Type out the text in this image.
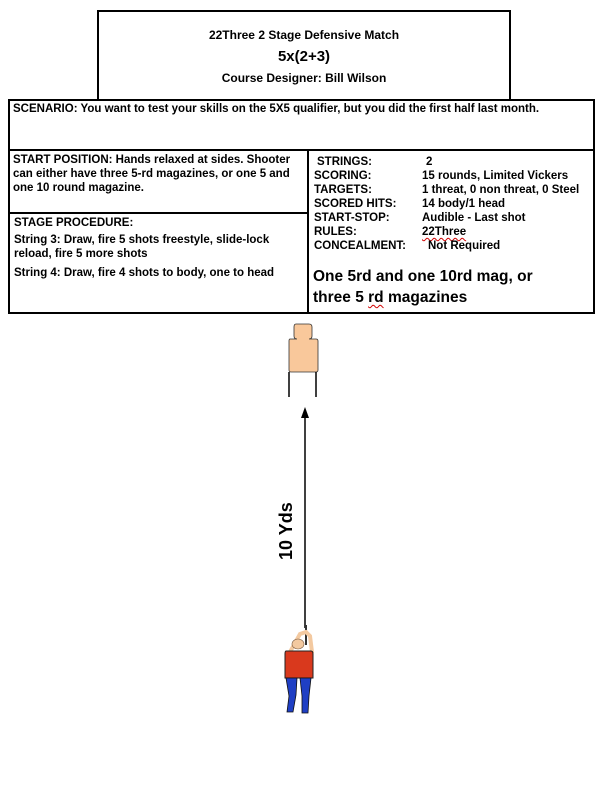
22Three 2 Stage Defensive Match
5x(2+3)
Course Designer: Bill Wilson
SCENARIO: You want to test your skills on the 5X5 qualifier, but you did the first half last month.
START POSITION: Hands relaxed at sides. Shooter can either have three 5-rd magazines, or one 5 and one 10 round magazine.

STAGE PROCEDURE:

String 3: Draw, fire 5 shots freestyle, slide-lock reload, fire 5 more shots

String 4: Draw, fire 4 shots to body, one to head

STRINGS:	2
SCORING:	15 rounds, Limited Vickers
TARGETS:	1 threat, 0 non threat, 0 Steel
SCORED HITS: 14 body/1 head
START-STOP:	Audible - Last shot
RULES:	22Three
CONCEALMENT: Not Required
One 5rd and one 10rd mag, or
three 5 rd magazines
10 Yds
